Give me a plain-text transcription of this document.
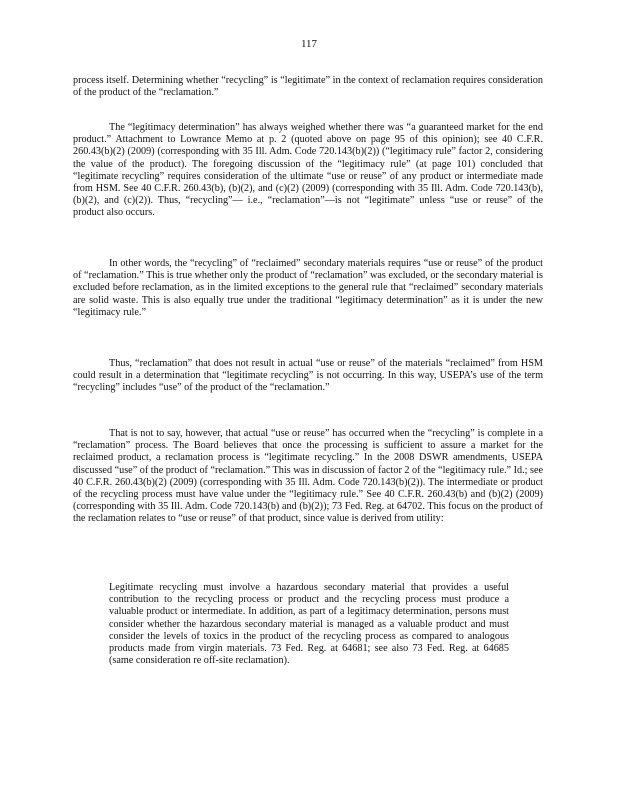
117

process itself. Determining whether “recycling” is “legitimate” in the context of reclamation requires consideration of the product of the “reclamation.”

The “legitimacy determination” has always weighed whether there was “a guaranteed market for the end product.” Attachment to Lowrance Memo at p. 2 (quoted above on page 95 of this opinion); see 40 C.F.R. 260.43(b)(2) (2009) (corresponding with 35 Ill. Adm. Code 720.143(b)(2)) (“legitimacy rule” factor 2, considering the value of the product). The foregoing discussion of the “legitimacy rule” (at page 101) concluded that “legitimate recycling” requires consideration of the ultimate “use or reuse” of any product or intermediate made from HSM. See 40 C.F.R. 260.43(b), (b)(2), and (c)(2) (2009) (corresponding with 35 Ill. Adm. Code 720.143(b), (b)(2), and (c)(2)). Thus, “recycling”— i.e., “reclamation”—is not “legitimate” unless “use or reuse” of the product also occurs.

In other words, the “recycling” of “reclaimed” secondary materials requires “use or reuse” of the product of “reclamation.” This is true whether only the product of “reclamation” was excluded, or the secondary material is excluded before reclamation, as in the limited exceptions to the general rule that “reclaimed” secondary materials are solid waste. This is also equally true under the traditional “legitimacy determination” as it is under the new “legitimacy rule.”

Thus, “reclamation” that does not result in actual “use or reuse” of the materials “reclaimed” from HSM could result in a determination that “legitimate recycling” is not occurring. In this way, USEPA’s use of the term “recycling” includes “use” of the product of the “reclamation.”

That is not to say, however, that actual “use or reuse” has occurred when the “recycling” is complete in a “reclamation” process. The Board believes that once the processing is sufficient to assure a market for the reclaimed product, a reclamation process is “legitimate recycling.” In the 2008 DSWR amendments, USEPA discussed “use” of the product of “reclamation.” This was in discussion of factor 2 of the “legitimacy rule.” Id.; see 40 C.F.R. 260.43(b)(2) (2009) (corresponding with 35 Ill. Adm. Code 720.143(b)(2)). The intermediate or product of the recycling process must have value under the “legitimacy rule.” See 40 C.F.R. 260.43(b) and (b)(2) (2009) (corresponding with 35 Ill. Adm. Code 720.143(b) and (b)(2)); 73 Fed. Reg. at 64702. This focus on the product of the reclamation relates to “use or reuse” of that product, since value is derived from utility:

Legitimate recycling must involve a hazardous secondary material that provides a useful contribution to the recycling process or product and the recycling process must produce a valuable product or intermediate. In addition, as part of a legitimacy determination, persons must consider whether the hazardous secondary material is managed as a valuable product and must consider the levels of toxics in the product of the recycling process as compared to analogous products made from virgin materials. 73 Fed. Reg. at 64681; see also 73 Fed. Reg. at 64685 (same consideration re off-site reclamation).
